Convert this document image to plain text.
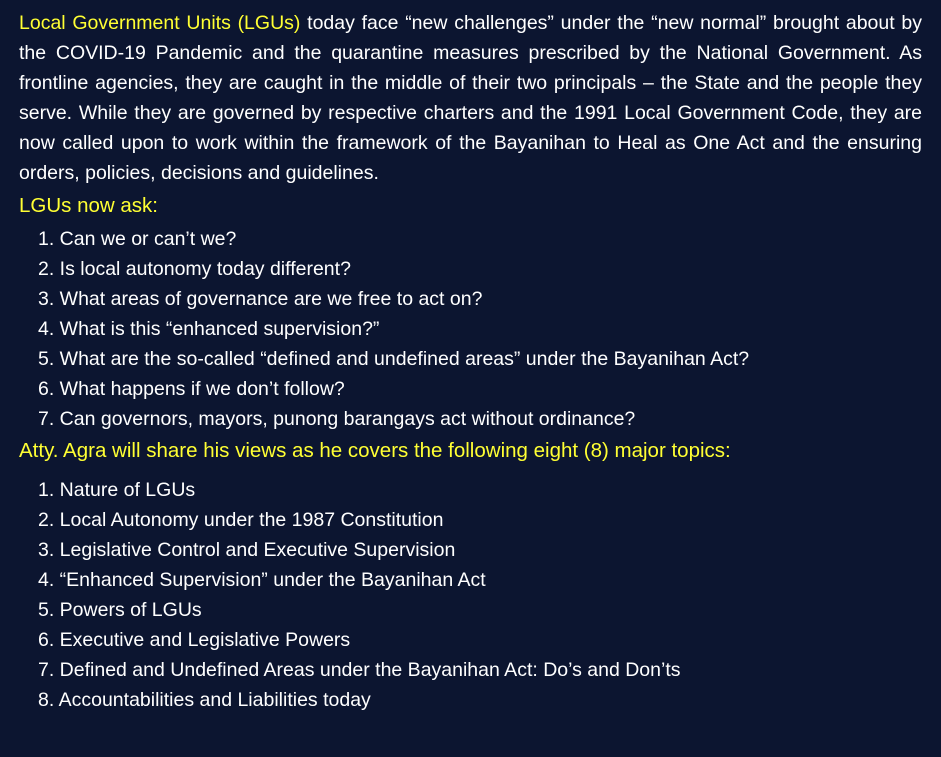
Local Government Units (LGUs) today face “new challenges” under the “new normal” brought about by the COVID-19 Pandemic and the quarantine measures prescribed by the National Government. As frontline agencies, they are caught in the middle of their two principals – the State and the people they serve. While they are governed by respective charters and the 1991 Local Government Code, they are now called upon to work within the framework of the Bayanihan to Heal as One Act and the ensuring orders, policies, decisions and guidelines.

LGUs now ask:

1. Can we or can’t we?
2. Is local autonomy today different?
3. What areas of governance are we free to act on?
4. What is this “enhanced supervision?”
5. What are the so-called “defined and undefined areas” under the Bayanihan Act?
6. What happens if we don’t follow?
7. Can governors, mayors, punong barangays act without ordinance?

Atty. Agra will share his views as he covers the following eight (8) major topics:

1. Nature of LGUs
2. Local Autonomy under the 1987 Constitution
3. Legislative Control and Executive Supervision
4. “Enhanced Supervision” under the Bayanihan Act
5. Powers of LGUs
6. Executive and Legislative Powers
7. Defined and Undefined Areas under the Bayanihan Act: Do’s and Don’ts
8. Accountabilities and Liabilities today
